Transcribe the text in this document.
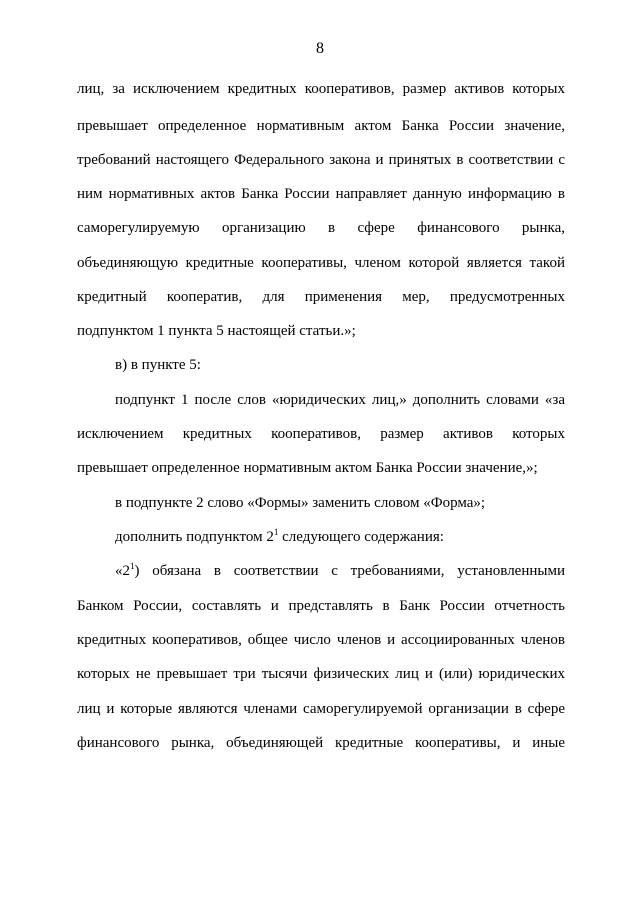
8
лиц, за исключением кредитных кооперативов, размер активов которых
превышает определенное нормативным актом Банка России значение,
требований настоящего Федерального закона и принятых в соответствии с
ним нормативных актов Банка России направляет данную информацию в
саморегулируемую организацию в сфере финансового рынка,
объединяющую кредитные кооперативы, членом которой является такой
кредитный кооператив, для применения мер, предусмотренных
подпунктом 1 пункта 5 настоящей статьи.»;
в) в пункте 5:
подпункт 1 после слов «юридических лиц,» дополнить словами «за
исключением кредитных кооперативов, размер активов которых
превышает определенное нормативным актом Банка России значение,»;
в подпункте 2 слово «Формы» заменить словом «Форма»;
дополнить подпунктом $2^1$ следующего содержания:
«$2^1$ ) обязана в соответствии с требованиями, установленными
Банком России, составлять и представлять в Банк России отчетность
кредитных кооперативов, общее число членов и ассоциированных членов
которых не превышает три тысячи физических лиц и (или) юридических
лиц и которые являются членами саморегулируемой организации в сфере
финансового рынка, объединяющей кредитные кооперативы, и иные
